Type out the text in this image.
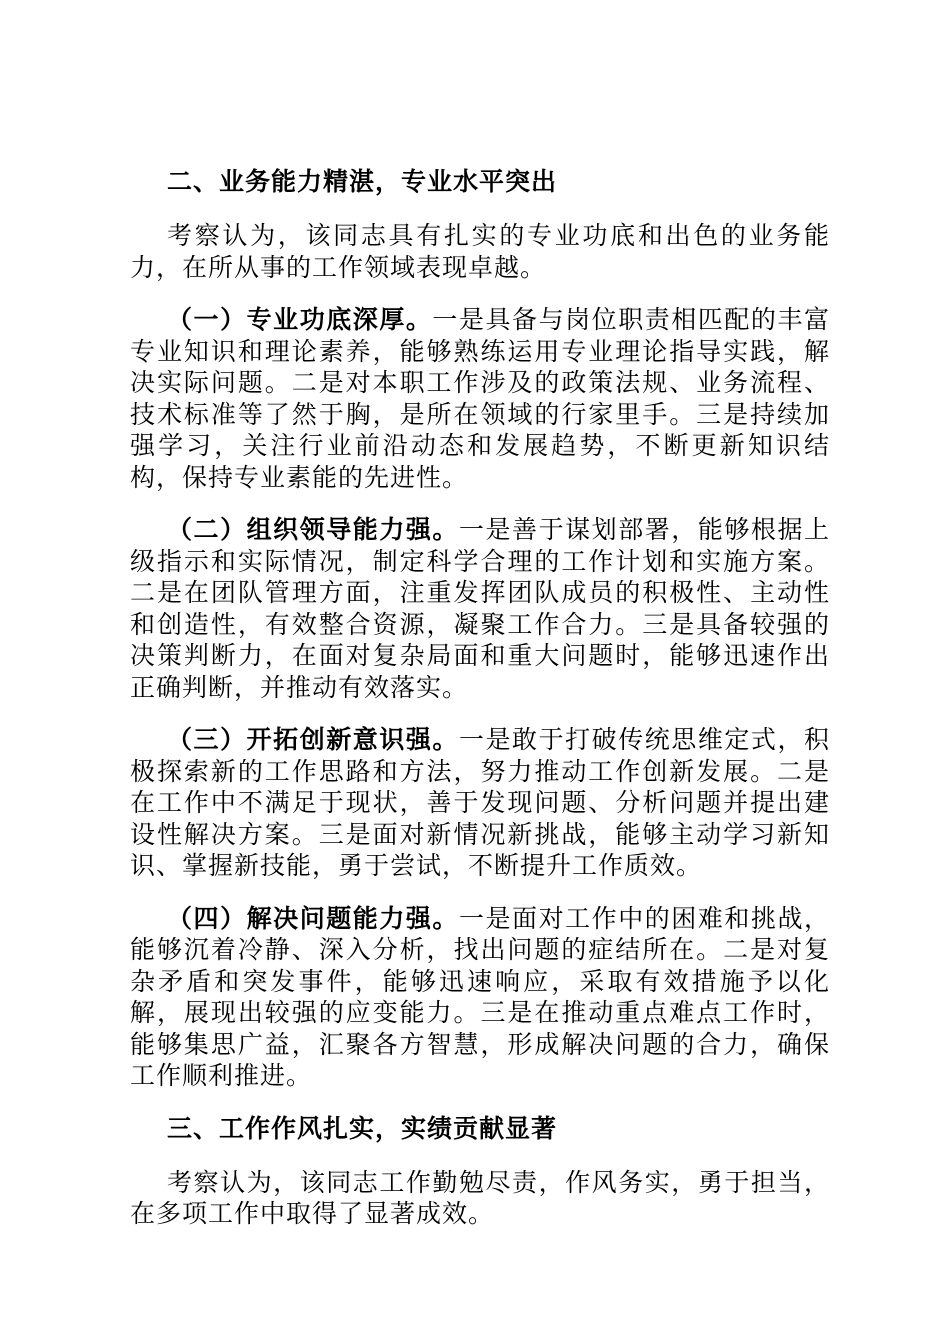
二、业务能力精湛，专业水平突出

考察认为，该同志具有扎实的专业功底和出色的业务能力，在所从事的工作领域表现卓越。

（一）专业功底深厚。一是具备与岗位职责相匹配的丰富专业知识和理论素养，能够熟练运用专业理论指导实践，解决实际问题。二是对本职工作涉及的政策法规、业务流程、技术标准等了然于胸，是所在领域的行家里手。三是持续加强学习，关注行业前沿动态和发展趋势，不断更新知识结构，保持专业素能的先进性。

（二）组织领导能力强。一是善于谋划部署，能够根据上级指示和实际情况，制定科学合理的工作计划和实施方案。二是在团队管理方面，注重发挥团队成员的积极性、主动性和创造性，有效整合资源，凝聚工作合力。三是具备较强的决策判断力，在面对复杂局面和重大问题时，能够迅速作出正确判断，并推动有效落实。

（三）开拓创新意识强。一是敢于打破传统思维定式，积极探索新的工作思路和方法，努力推动工作创新发展。二是在工作中不满足于现状，善于发现问题、分析问题并提出建设性解决方案。三是面对新情况新挑战，能够主动学习新知识、掌握新技能，勇于尝试，不断提升工作质效。

（四）解决问题能力强。一是面对工作中的困难和挑战，能够沉着冷静、深入分析，找出问题的症结所在。二是对复杂矛盾和突发事件，能够迅速响应，采取有效措施予以化解，展现出较强的应变能力。三是在推动重点难点工作时，能够集思广益，汇聚各方智慧，形成解决问题的合力，确保工作顺利推进。

三、工作作风扎实，实绩贡献显著

考察认为，该同志工作勤勉尽责，作风务实，勇于担当，在多项工作中取得了显著成效。
